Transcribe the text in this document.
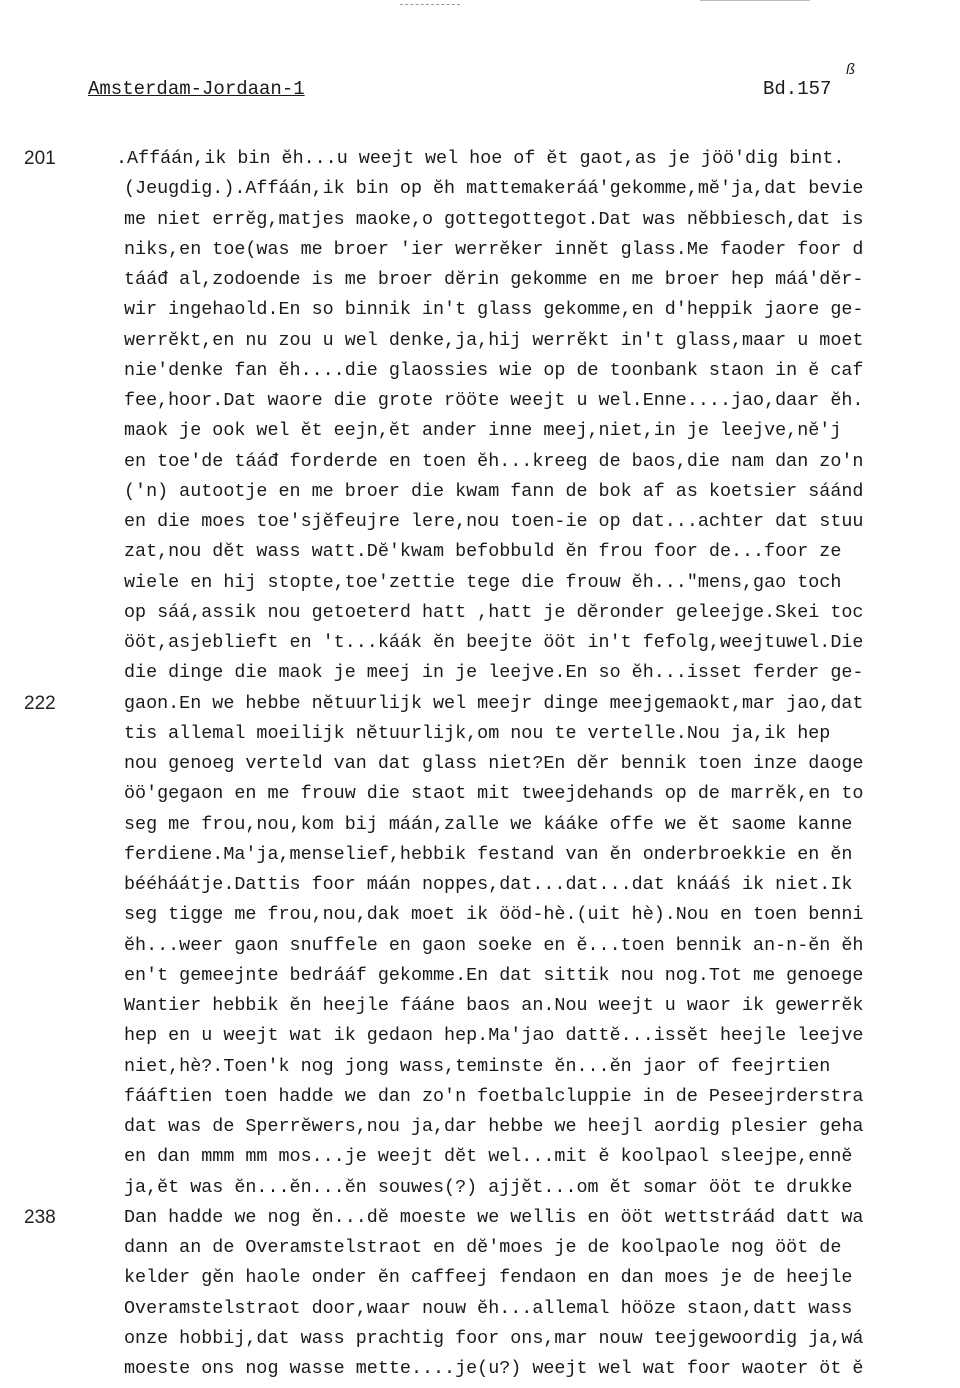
Amsterdam-Jordaan-1	Bd.157
ß
201	.Affáán,ik bin ĕh...u weejt wel hoe of ĕt gaot,as je jöö'dig bint.
(Jeugdig.).Affáán,ik bin op ĕh mattemakeráá'gekomme,mĕ'ja,dat bevie
me niet errĕg,matjes maoke,o gottegottegot.Dat was nĕbbiesch,dat is
niks,en toe(was me broer 'ier werrĕker innĕt glass.Me faoder foor d
tááđ al,zodoende is me broer dĕrin gekomme en me broer hep máá'dĕr-
wir ingehaold.En so binnik in't glass gekomme,en d'heppik jaore ge-
werrĕkt,en nu zou u wel denke,ja,hij werrĕkt in't glass,maar u moet
nie'denke fan ĕh....die glaossies wie op de toonbank staon in ĕ caf
fee,hoor.Dat waore die grote rööte weejt u wel.Enne....jao,daar ĕh.
maok je ook wel ĕt eejn,ĕt ander inne meej,niet,in je leejve,nĕ'j
en toe'de tááđ forderde en toen ĕh...kreeg de baos,die nam dan zo'n
('n) autootje en me broer die kwam fann de bok af as koetsier sáánd
en die moes toe'sjĕfeujre lere,nou toen-ie op dat...achter dat stuu
zat,nou dĕt wass watt.Dĕ'kwam befobbuld ĕn frou foor de...foor ze
wiele en hij stopte,toe'zettie tege die frouw ĕh..."mens,gao toch
op sáá,assik nou getoeterd hatt ,hatt je dĕronder geleejge.Skei toc
ööt,asjeblieft en 't...káák ĕn beejte ööt in't fefolg,weejtuwel.Die
die dinge die maok je meej in je leejve.En so ĕh...isset ferder ge-
222	gaon.En we hebbe nĕtuurlijk wel meejr dinge meejgemaokt,mar jao,dat
tis allemal moeilijk nĕtuurlijk,om nou te vertelle.Nou ja,ik hep
nou genoeg verteld van dat glass niet?En dĕr bennik toen inze daoge
öö'gegaon en me frouw die staot mit tweejdehands op de marrĕk,en to
seg me frou,nou,kom bij máán,zalle we kááke offe we ĕt saome kanne
ferdiene.Ma'ja,menselief,hebbik festand van ĕn onderbroekkie en ĕn
bééháátje.Dattis foor máán noppes,dat...dat...dat knááś ik niet.Ik
seg tigge me frou,nou,dak moet ik ööd-hè.(uit hè).Nou en toen benni
ĕh...weer gaon snuffele en gaon soeke en ĕ...toen bennik an-n-ĕn ĕh
en't gemeejnte bedrááf gekomme.En dat sittik nou nog.Tot me genoege
Wantier hebbik ĕn heejle fááne baos an.Nou weejt u waor ik gewerrĕk
hep en u weejt wat ik gedaon hep.Ma'jao dattĕ...issĕt heejle leejve
niet,hè?.Toen'k nog jong wass,teminste ĕn...ĕn jaor of feejrtien
fááftien toen hadde we dan zo'n foetbalcluppie in de Peseejrderstra
dat was de Sperrĕwers,nou ja,dar hebbe we heejl aordig plesier geha
en dan mmm mm mos...je weejt dĕt wel...mit ĕ koolpaol sleejpe,ennĕ
ja,ĕt was ĕn...ĕn...ĕn souwes(?) ajjĕt...om ĕt somar ööt te drukke
238	Dan hadde we nog ĕn...dĕ moeste we wellis en ööt wettstráád datt wa
dann an de Overamstelstraot en dĕ'moes je de koolpaole nog ööt de
kelder gĕn haole onder ĕn caffeej fendaon en dan moes je de heejle
Overamstelstraot door,waar nouw ĕh...allemal hööze staon,datt wass
onze hobbij,dat wass prachtig foor ons,mar nouw teejgewoordig ja,wá
moeste ons nog wasse mette....je(u?) weejt wel wat foor waoter öt ĕ
